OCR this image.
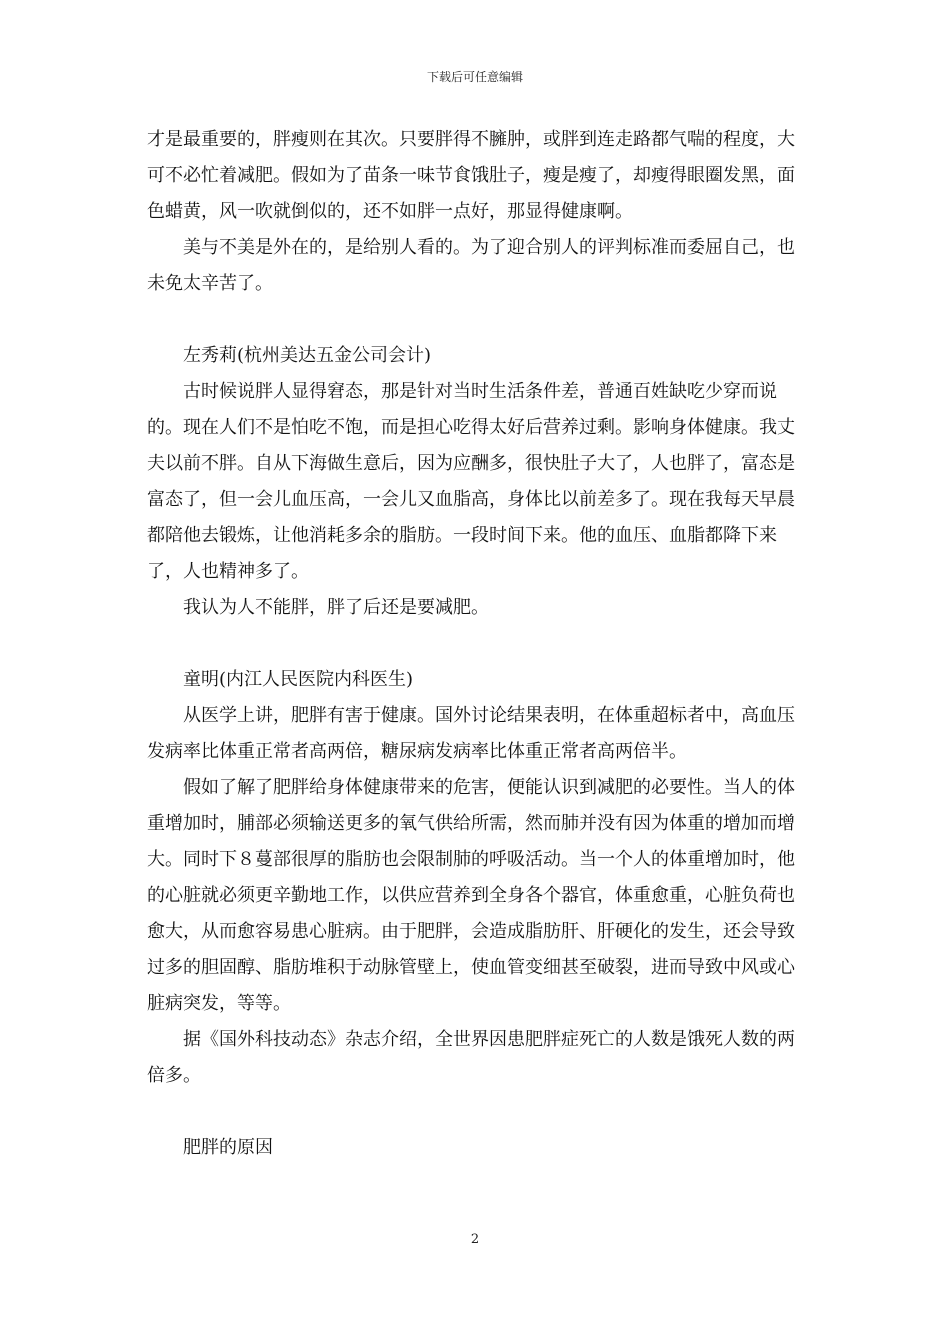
下载后可任意编辑

才是最重要的，胖瘦则在其次。只要胖得不臃肿，或胖到连走路都气喘的程度，大可不必忙着减肥。假如为了苗条一味节食饿肚子，瘦是瘦了，却瘦得眼圈发黑，面色蜡黄，风一吹就倒似的，还不如胖一点好，那显得健康啊。

美与不美是外在的，是给别人看的。为了迎合别人的评判标准而委屈自己，也未免太辛苦了。

左秀莉(杭州美达五金公司会计)

古时候说胖人显得窘态，那是针对当时生活条件差，普通百姓缺吃少穿而说的。现在人们不是怕吃不饱，而是担心吃得太好后营养过剩。影响身体健康。我丈夫以前不胖。自从下海做生意后，因为应酬多，很快肚子大了，人也胖了，富态是富态了，但一会儿血压高，一会儿又血脂高，身体比以前差多了。现在我每天早晨都陪他去锻炼，让他消耗多余的脂肪。一段时间下来。他的血压、血脂都降下来了，人也精神多了。

我认为人不能胖，胖了后还是要减肥。

童明(内江人民医院内科医生)

从医学上讲，肥胖有害于健康。国外讨论结果表明，在体重超标者中，高血压发病率比体重正常者高两倍，糖尿病发病率比体重正常者高两倍半。

假如了解了肥胖给身体健康带来的危害，便能认识到减肥的必要性。当人的体重增加时，脯部必须输送更多的氧气供给所需，然而肺并没有因为体重的增加而增大。同时下８蔓部很厚的脂肪也会限制肺的呼吸活动。当一个人的体重增加时，他的心脏就必须更辛勤地工作，以供应营养到全身各个器官，体重愈重，心脏负荷也愈大，从而愈容易患心脏病。由于肥胖，会造成脂肪肝、肝硬化的发生，还会导致过多的胆固醇、脂肪堆积于动脉管壁上，使血管变细甚至破裂，进而导致中风或心脏病突发，等等。

据《国外科技动态》杂志介绍，全世界因患肥胖症死亡的人数是饿死人数的两倍多。

肥胖的原因

2
